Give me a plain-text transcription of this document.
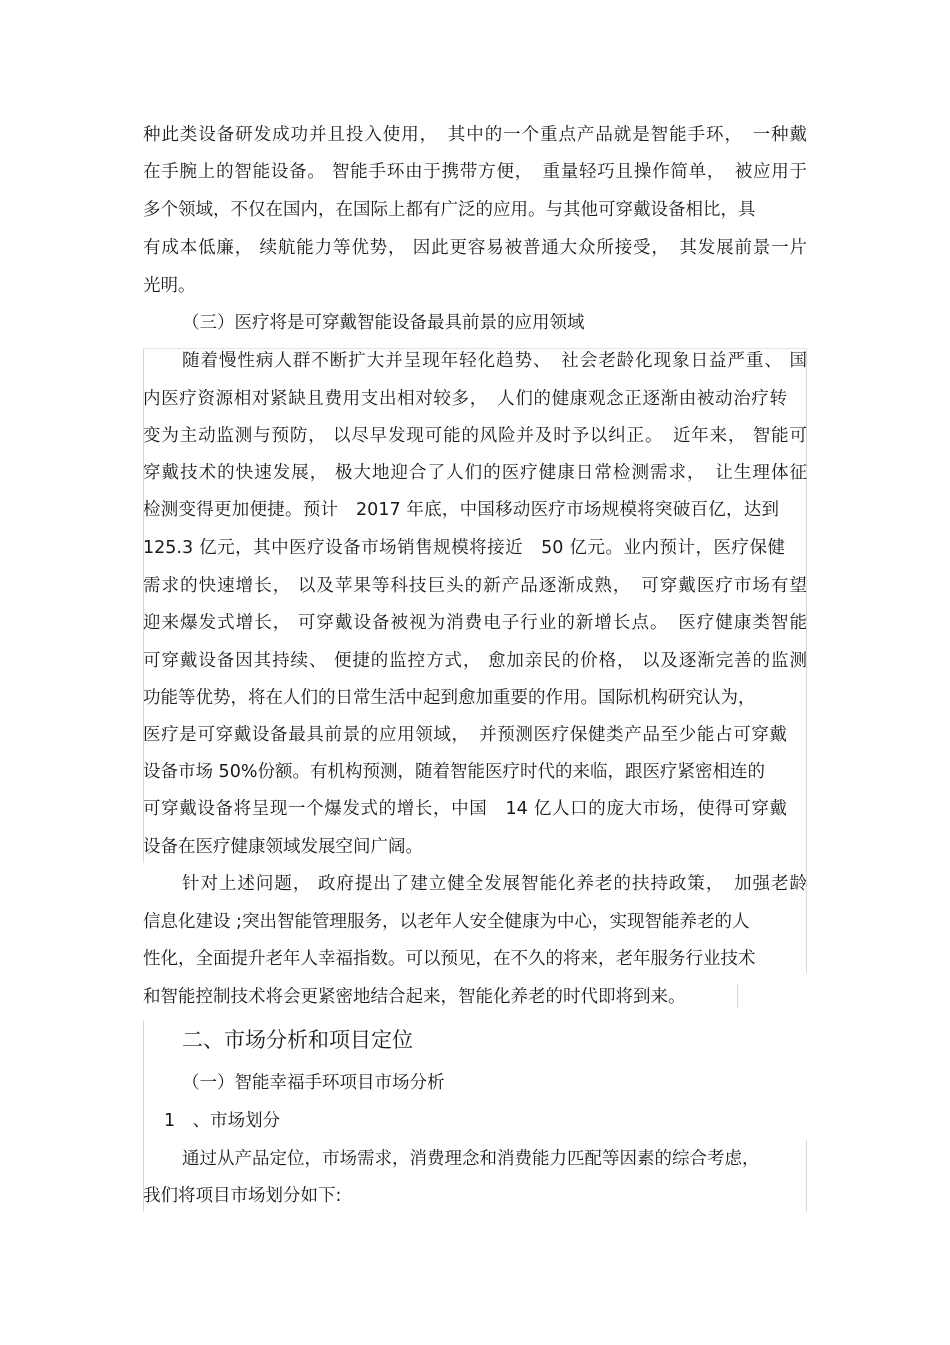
种此类设备研发成功并且投入使用，　其中的一个重点产品就是智能手环，　一种戴
在手腕上的智能设备。 智能手环由于携带方便，　重量轻巧且操作简单，　被应用于
多个领域，不仅在国内，在国际上都有广泛的应用。与其他可穿戴设备相比，具
有成本低廉， 续航能力等优势， 因此更容易被普通大众所接受，　其发展前景一片
光明。
（三）医疗将是可穿戴智能设备最具前景的应用领域
随着慢性病人群不断扩大并呈现年轻化趋势、　社会老龄化现象日益严重、 国
内医疗资源相对紧缺且费用支出相对较多，　人们的健康观念正逐渐由被动治疗转
变为主动监测与预防， 以尽早发现可能的风险并及时予以纠正。　近年来， 智能可
穿戴技术的快速发展， 极大地迎合了人们的医疗健康日常检测需求，　让生理体征
检测变得更加便捷。预计　2017 年底，中国移动医疗市场规模将突破百亿，达到
125.3 亿元，其中医疗设备市场销售规模将接近　50 亿元。业内预计，医疗保健
需求的快速增长， 以及苹果等科技巨头的新产品逐渐成熟，　可穿戴医疗市场有望
迎来爆发式增长， 可穿戴设备被视为消费电子行业的新增长点。　医疗健康类智能
可穿戴设备因其持续、 便捷的监控方式， 愈加亲民的价格， 以及逐渐完善的监测
功能等优势，将在人们的日常生活中起到愈加重要的作用。国际机构研究认为，
医疗是可穿戴设备最具前景的应用领域，　并预测医疗保健类产品至少能占可穿戴
设备市场 50%份额。有机构预测，随着智能医疗时代的来临，跟医疗紧密相连的
可穿戴设备将呈现一个爆发式的增长，中国　14 亿人口的庞大市场，使得可穿戴
设备在医疗健康领域发展空间广阔。
针对上述问题， 政府提出了建立健全发展智能化养老的扶持政策，　加强老龄
信息化建设 ;突出智能管理服务，以老年人安全健康为中心，实现智能养老的人
性化，全面提升老年人幸福指数。可以预见，在不久的将来，老年服务行业技术
和智能控制技术将会更紧密地结合起来，智能化养老的时代即将到来。
二、市场分析和项目定位
（一）智能幸福手环项目市场分析
1　、市场划分
通过从产品定位，市场需求，消费理念和消费能力匹配等因素的综合考虑，
我们将项目市场划分如下:
